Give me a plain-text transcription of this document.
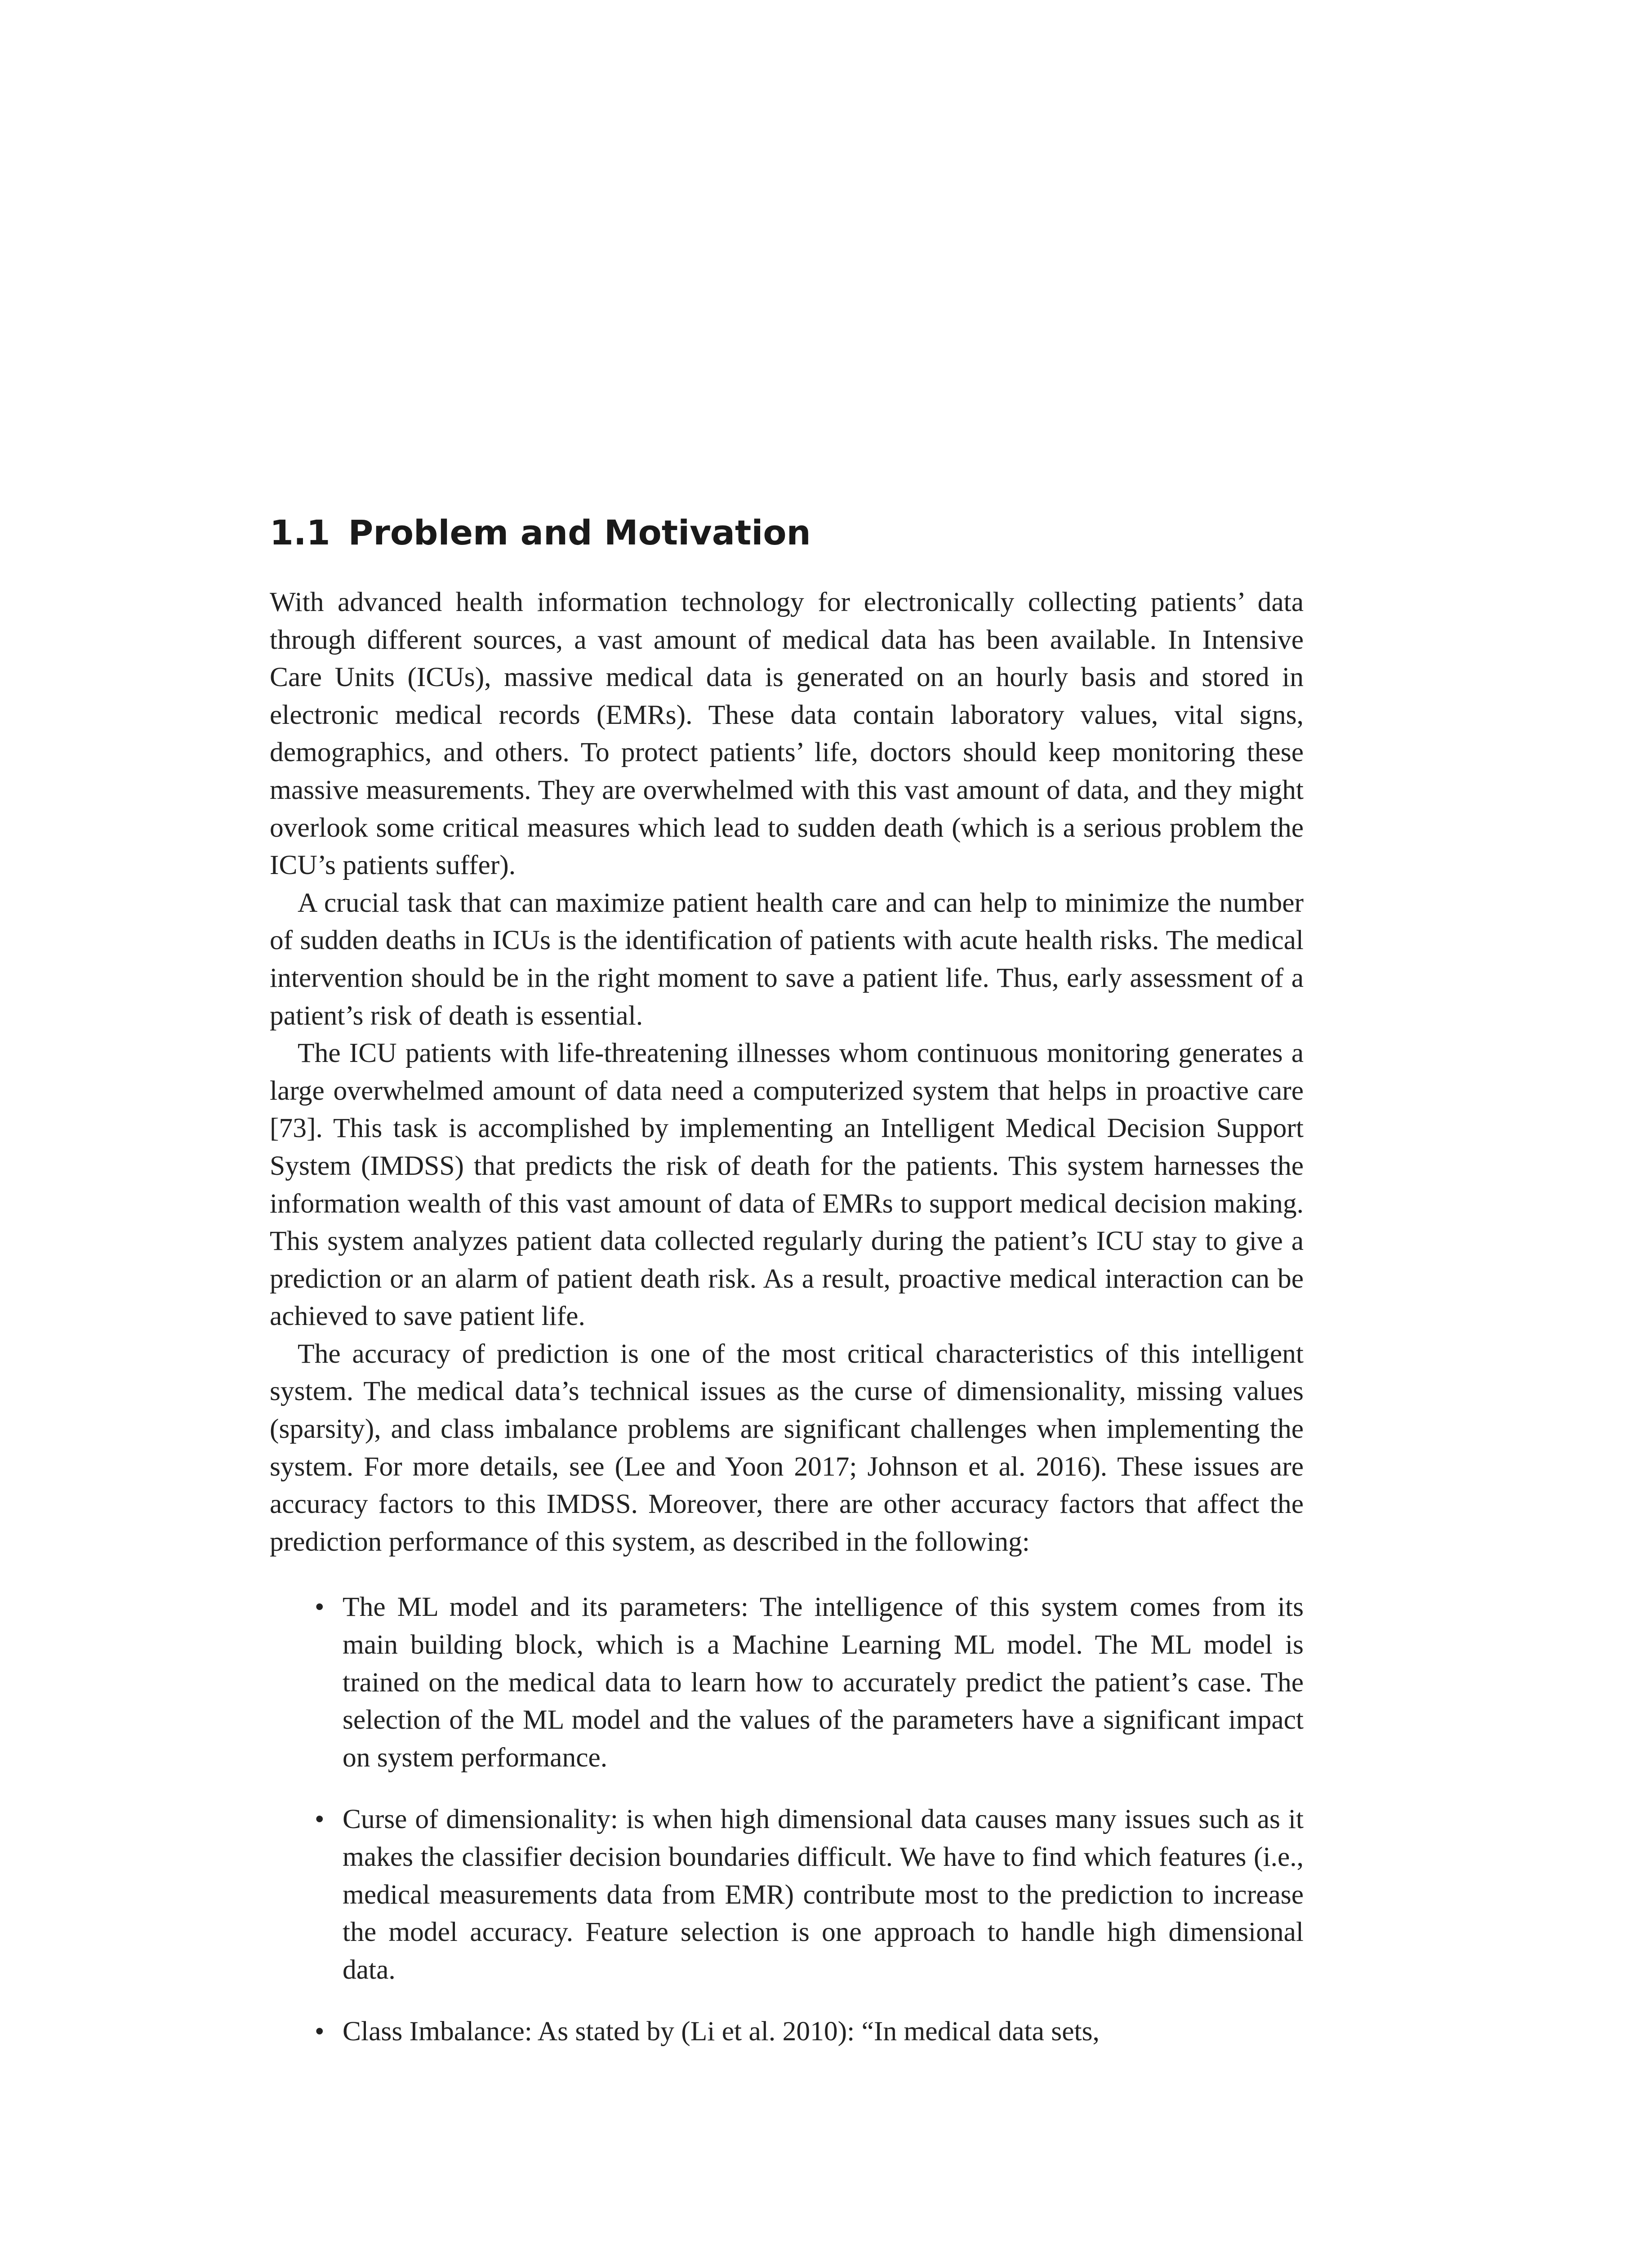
1.1 Problem and Motivation

With advanced health information technology for electronically collecting patients’ data through different sources, a vast amount of medical data has been available. In Intensive Care Units (ICUs), massive medical data is generated on an hourly basis and stored in electronic medical records (EMRs). These data contain laboratory values, vital signs, demographics, and others. To protect patients’ life, doctors should keep monitoring these massive measurements. They are overwhelmed with this vast amount of data, and they might overlook some critical measures which lead to sudden death (which is a serious problem the ICU’s patients suffer).

A crucial task that can maximize patient health care and can help to minimize the number of sudden deaths in ICUs is the identification of patients with acute health risks. The medical intervention should be in the right moment to save a patient life. Thus, early assessment of a patient’s risk of death is essential.

The ICU patients with life-threatening illnesses whom continuous monitoring generates a large overwhelmed amount of data need a computerized system that helps in proactive care [73]. This task is accomplished by implementing an Intelligent Medical Decision Support System (IMDSS) that predicts the risk of death for the patients. This system harnesses the information wealth of this vast amount of data of EMRs to support medical decision making. This system analyzes patient data collected regularly during the patient’s ICU stay to give a prediction or an alarm of patient death risk. As a result, proactive medical interaction can be achieved to save patient life.

The accuracy of prediction is one of the most critical characteristics of this intelligent system. The medical data’s technical issues as the curse of dimensionality, missing values (sparsity), and class imbalance problems are significant challenges when implementing the system. For more details, see (Lee and Yoon 2017; Johnson et al. 2016). These issues are accuracy factors to this IMDSS. Moreover, there are other accuracy factors that affect the prediction performance of this system, as described in the following:

• The ML model and its parameters: The intelligence of this system comes from its main building block, which is a Machine Learning ML model. The ML model is trained on the medical data to learn how to accurately predict the patient’s case. The selection of the ML model and the values of the parameters have a significant impact on system performance.
• Curse of dimensionality: is when high dimensional data causes many issues such as it makes the classifier decision boundaries difficult. We have to find which features (i.e., medical measurements data from EMR) contribute most to the prediction to increase the model accuracy. Feature selection is one approach to handle high dimensional data.
• Class Imbalance: As stated by (Li et al. 2010): “In medical data sets,
